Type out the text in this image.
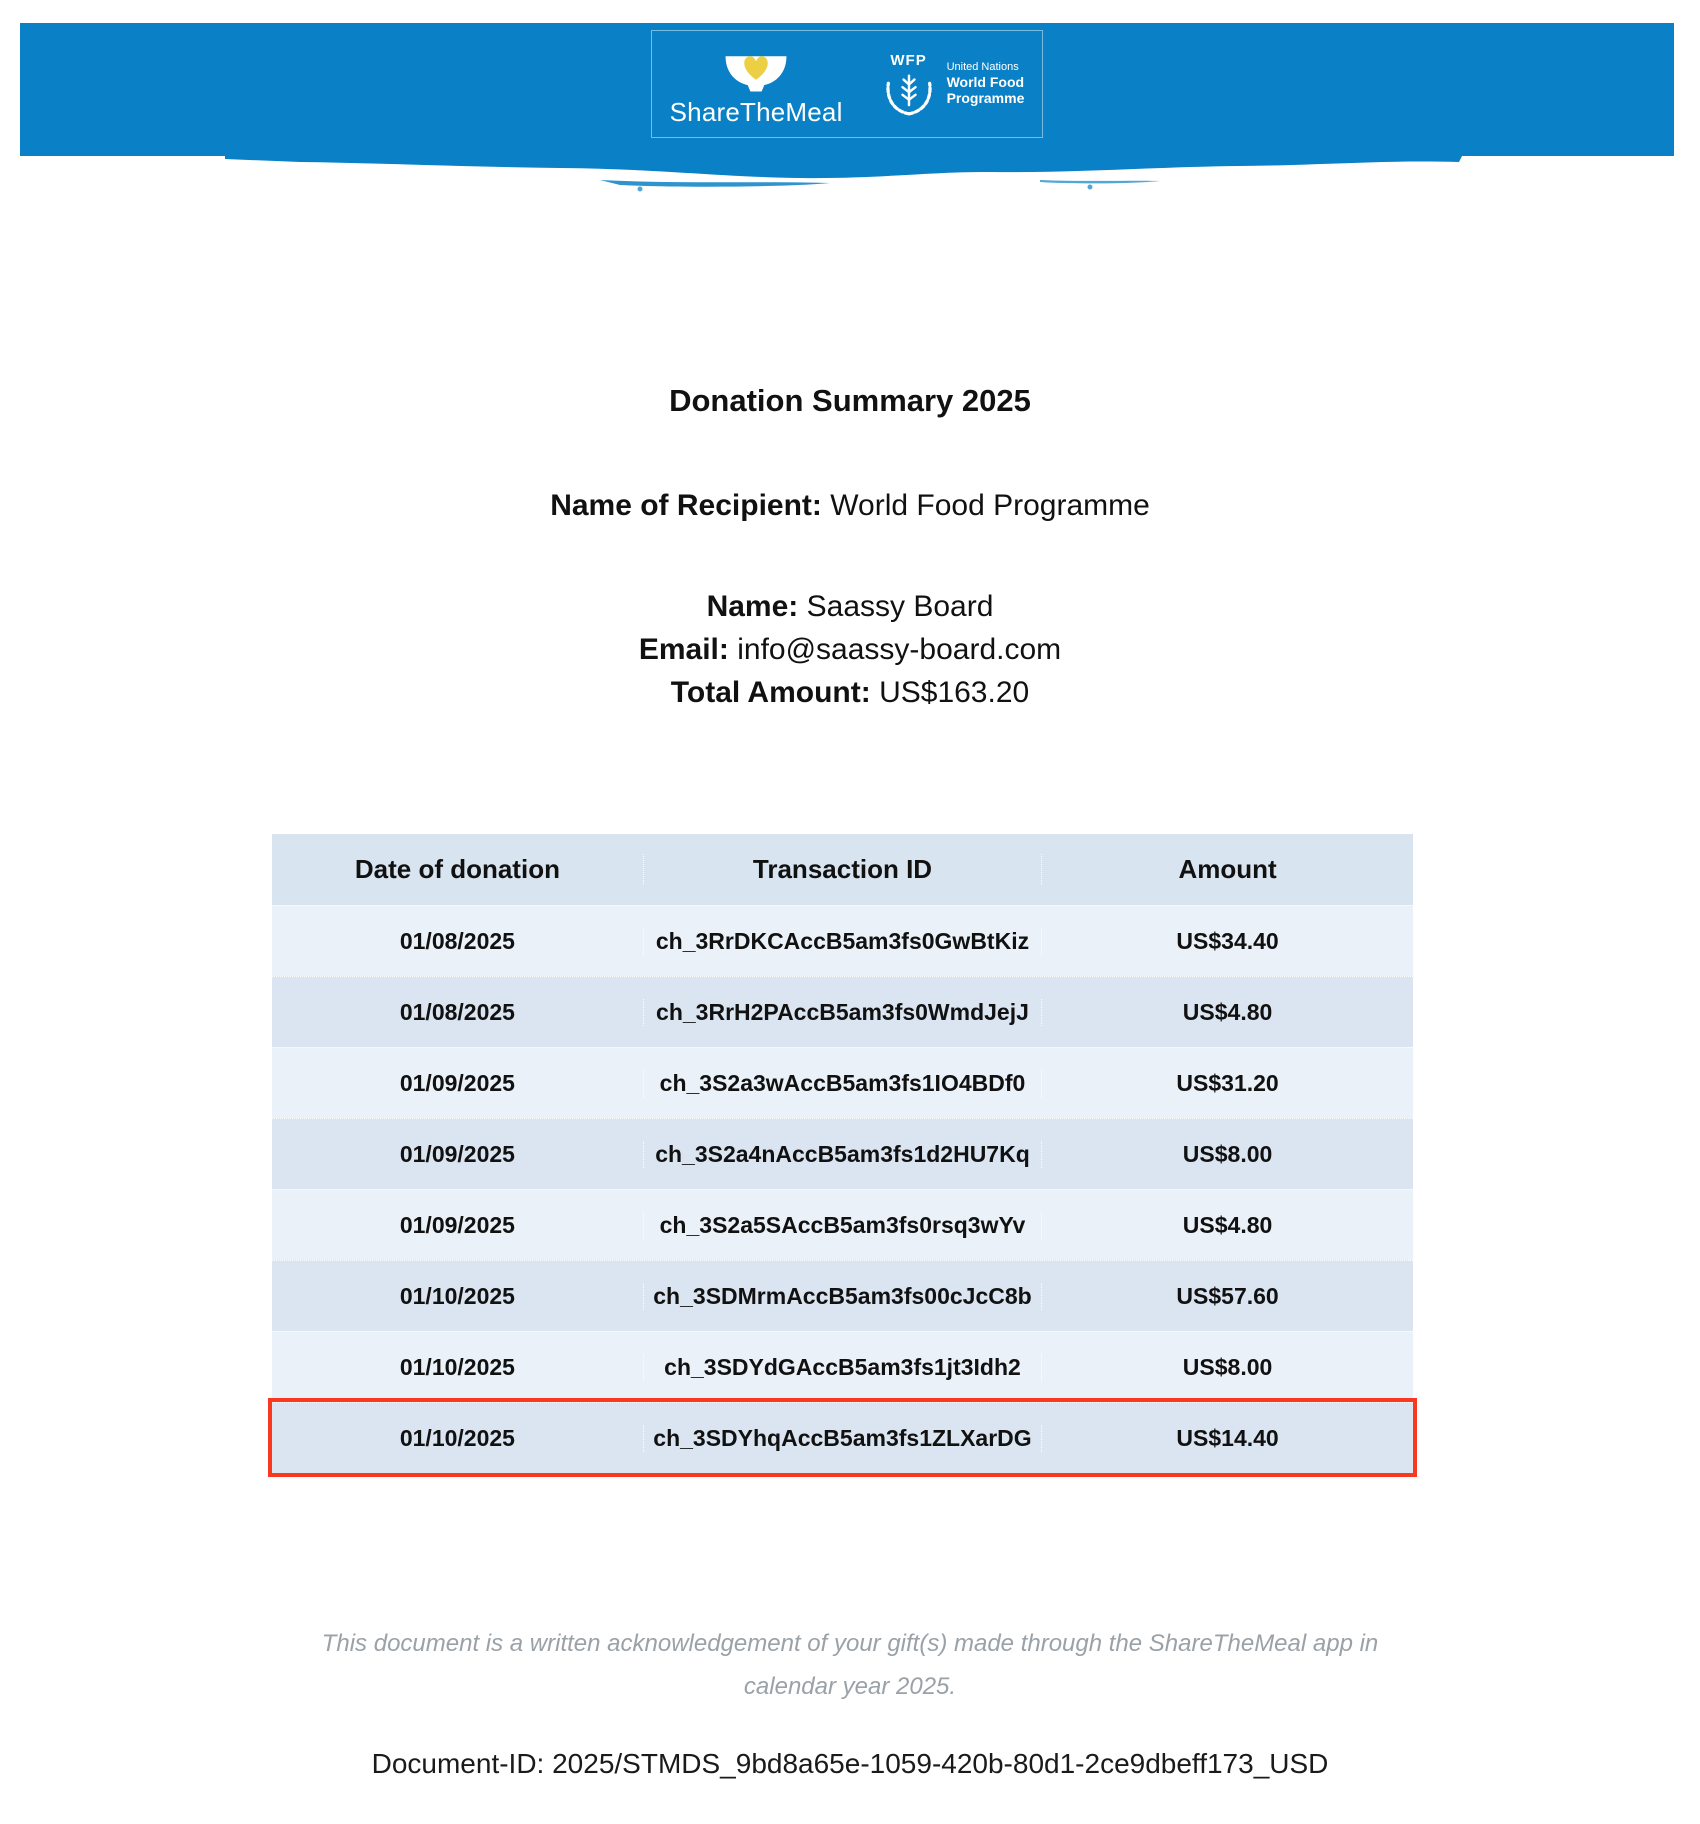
ShareTheMeal
WFP United Nations
World Food
Programme
Donation Summary 2025
Name of Recipient: World Food Programme
Name: Saassy Board
Email: info@saassy-board.com
Total Amount: US$163.20
Date of donation	Transaction ID	Amount
01/08/2025	ch_3RrDKCAccB5am3fs0GwBtKiz	US$34.40
01/08/2025	ch_3RrH2PAccB5am3fs0WmdJejJ	US$4.80
01/09/2025	ch_3S2a3wAccB5am3fs1IO4BDf0	US$31.20
01/09/2025	ch_3S2a4nAccB5am3fs1d2HU7Kq	US$8.00
01/09/2025	ch_3S2a5SAccB5am3fs0rsq3wYv	US$4.80
01/10/2025	ch_3SDMrmAccB5am3fs00cJcC8b	US$57.60
01/10/2025	ch_3SDYdGAccB5am3fs1jt3Idh2	US$8.00
01/10/2025	ch_3SDYhqAccB5am3fs1ZLXarDG	US$14.40
This document is a written acknowledgement of your gift(s) made through the ShareTheMeal app in calendar year 2025.
Document-ID: 2025/STMDS_9bd8a65e-1059-420b-80d1-2ce9dbeff173_USD
